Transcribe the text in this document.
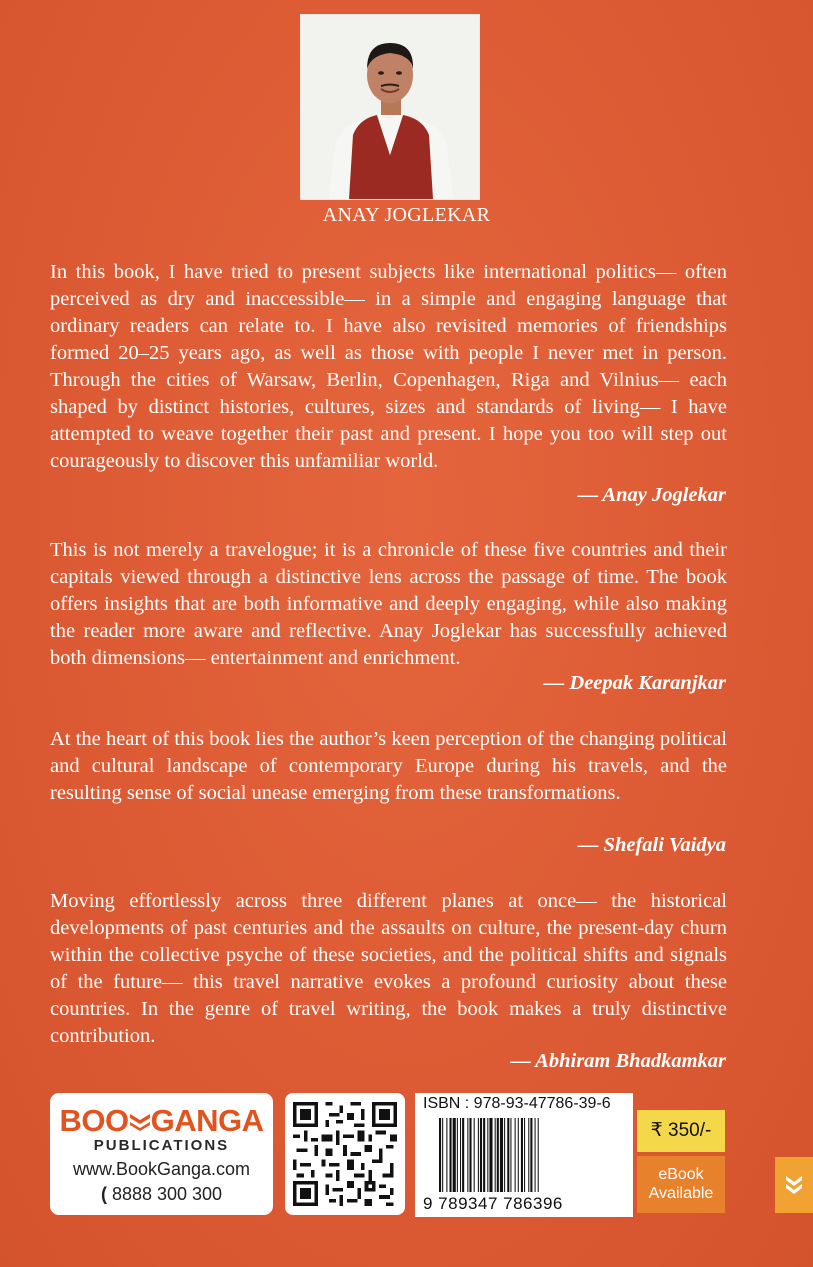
ANAY JOGLEKAR

In this book, I have tried to present subjects like international politics— often perceived as dry and inaccessible— in a simple and engaging language that ordinary readers can relate to. I have also revisited memories of friendships formed 20–25 years ago, as well as those with people I never met in person. Through the cities of Warsaw, Berlin, Copenhagen, Riga and Vilnius— each shaped by distinct histories, cultures, sizes and standards of living— I have attempted to weave together their past and present. I hope you too will step out courageously to discover this unfamiliar world.

— Anay Joglekar

This is not merely a travelogue; it is a chronicle of these five countries and their capitals viewed through a distinctive lens across the passage of time. The book offers insights that are both informative and deeply engaging, while also making the reader more aware and reflective. Anay Joglekar has successfully achieved both dimensions— entertainment and enrichment.

— Deepak Karanjkar

At the heart of this book lies the author’s keen perception of the changing political and cultural landscape of contemporary Europe during his travels, and the resulting sense of social unease emerging from these transformations.

— Shefali Vaidya

Moving effortlessly across three different planes at once— the historical developments of past centuries and the assaults on culture, the present-day churn within the collective psyche of these societies, and the political shifts and signals of the future— this travel narrative evokes a profound curiosity about these countries. In the genre of travel writing, the book makes a truly distinctive contribution.

— Abhiram Bhadkamkar
BOO GANGA
PUBLICATIONS
www.BookGanga.com
( 8888 300 300
ISBN : 978-93-47786-39-6
9 789347 786396
₹ 350/-
eBook
Available
